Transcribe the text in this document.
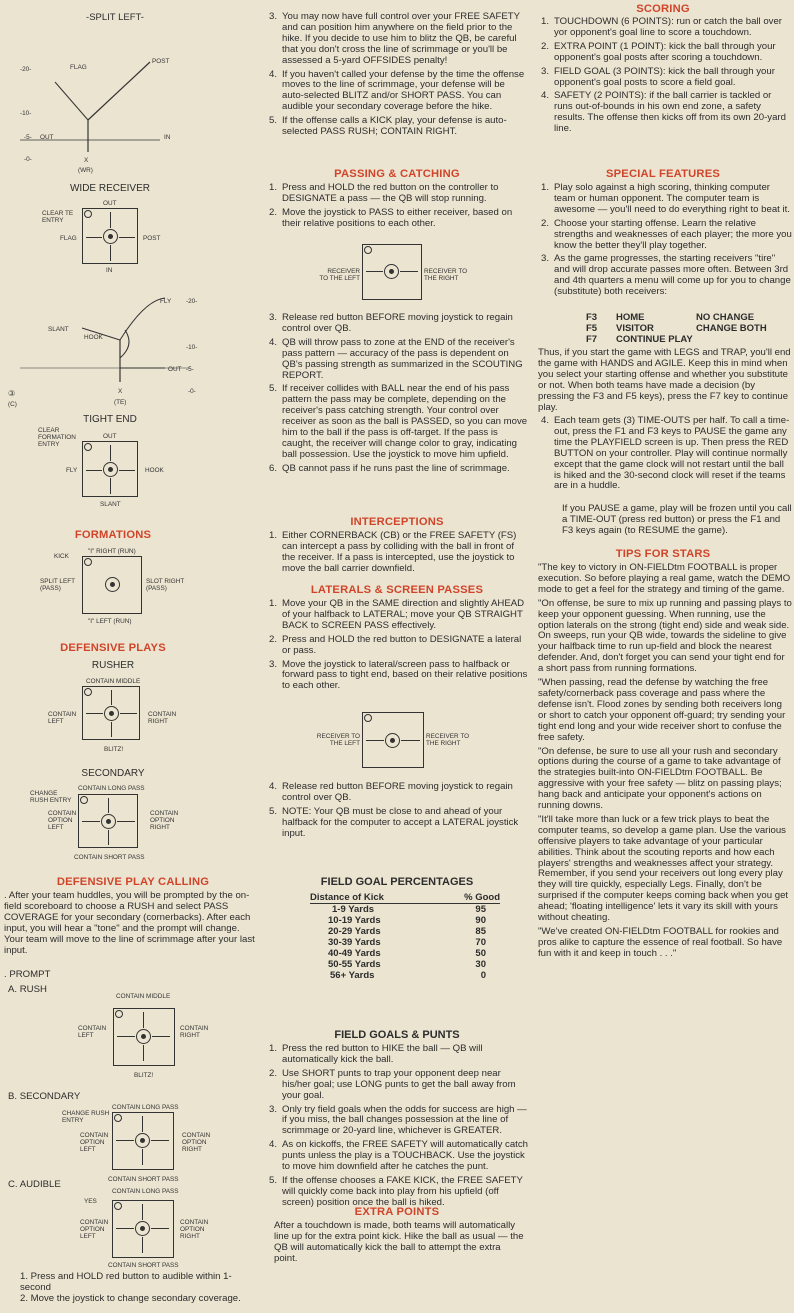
-SPLIT LEFT-
-20-
-10-
-5-
-0-
FLAG
POST
OUT	IN
X
(WR)
WIDE RECEIVER
OUT
CLEAR TE ENTRY
FLAG	POST
IN
FLY
SLANT
HOOK
OUT
X
(TE)
③
(C)
-20-
-10-
-5-
-0-
TIGHT END
CLEAR FORMATION ENTRY
OUT
FLY	HOOK
SLANT
FORMATIONS
KICK
"I" RIGHT (RUN)
SPLIT LEFT (PASS)
SLOT RIGHT (PASS)
"I" LEFT (RUN)
DEFENSIVE PLAYS
RUSHER
CONTAIN MIDDLE
CONTAIN LEFT
CONTAIN RIGHT
BLITZ!
SECONDARY
CHANGE RUSH ENTRY
CONTAIN LONG PASS
CONTAIN OPTION LEFT
CONTAIN OPTION RIGHT
CONTAIN SHORT PASS
DEFENSIVE PLAY CALLING

. After your team huddles, you will be prompted by the on-field scoreboard to choose a RUSH and select PASS COVERAGE for your secondary (cornerbacks). After each input, you will hear a "tone" and the prompt will change. Your team will move to the line of scrimmage after your last input.

. PROMPT

A. RUSH

CONTAIN MIDDLE
CONTAIN LEFT
CONTAIN RIGHT
BLITZ!

B. SECONDARY

CHANGE RUSH ENTRY
CONTAIN LONG PASS
CONTAIN OPTION LEFT
CONTAIN OPTION RIGHT
CONTAIN SHORT PASS

C. AUDIBLE

YES
CONTAIN LONG PASS
CONTAIN OPTION LEFT
CONTAIN OPTION RIGHT
CONTAIN SHORT PASS

1. Press and HOLD red button to audible within 1-second

2. Move the joystick to change secondary coverage.

3. You may now have full control over your FREE SAFETY and can position him anywhere on the field prior to the hike. If you decide to use him to blitz the QB, be careful that you don't cross the line of scrimmage or you'll be assessed a 5-yard OFFSIDES penalty!
4. If you haven't called your defense by the time the offense moves to the line of scrimmage, your defense will be auto-selected BLITZ and/or SHORT PASS. You can audible your secondary coverage before the hike.
5. If the offense calls a KICK play, your defense is auto-selected PASS RUSH; CONTAIN RIGHT.
PASSING & CATCHING
1. Press and HOLD the red button on the controller to DESIGNATE a pass — the QB will stop running.
2. Move the joystick to PASS to either receiver, based on their relative positions to each other.
RECEIVER TO THE LEFT
RECEIVER TO THE RIGHT
3. Release red button BEFORE moving joystick to regain control over QB.
4. QB will throw pass to zone at the END of the receiver's pass pattern — accuracy of the pass is dependent on QB's passing strength as summarized in the SCOUTING REPORT.
5. If receiver collides with BALL near the end of his pass pattern the pass may be complete, depending on the receiver's pass catching strength. Your control over receiver as soon as the ball is PASSED, so you can move him to the ball if the pass is off-target. If the pass is caught, the receiver will change color to gray, indicating ball possession. Use the joystick to move him upfield.
6. QB cannot pass if he runs past the line of scrimmage.
INTERCEPTIONS
1. Either CORNERBACK (CB) or the FREE SAFETY (FS) can intercept a pass by colliding with the ball in front of the receiver. If a pass is intercepted, use the joystick to move the ball carrier downfield.
LATERALS & SCREEN PASSES
1. Move your QB in the SAME direction and slightly AHEAD of your halfback to LATERAL; move your QB STRAIGHT BACK to SCREEN PASS effectively.
2. Press and HOLD the red button to DESIGNATE a lateral or pass.
3. Move the joystick to lateral/screen pass to halfback or forward pass to tight end, based on their relative positions to each other.
RECEIVER TO THE LEFT
RECEIVER TO THE RIGHT
4. Release red button BEFORE moving joystick to regain control over QB.
5. NOTE: Your QB must be close to and ahead of your halfback for the computer to accept a LATERAL joystick input.
FIELD GOAL PERCENTAGES
Distance of Kick	% Good
1-9 Yards	95
10-19 Yards	90
20-29 Yards	85
30-39 Yards	70
40-49 Yards	50
50-55 Yards	30
56+ Yards	0
FIELD GOALS & PUNTS
1. Press the red button to HIKE the ball — QB will automatically kick the ball.
2. Use SHORT punts to trap your opponent deep near his/her goal; use LONG punts to get the ball away from your goal.
3. Only try field goals when the odds for success are high — if you miss, the ball changes possession at the line of scrimmage or 20-yard line, whichever is GREATER.
4. As on kickoffs, the FREE SAFETY will automatically catch punts unless the play is a TOUCHBACK. Use the joystick to move him downfield after he catches the punt.
5. If the offense chooses a FAKE KICK, the FREE SAFETY will quickly come back into play from his upfield (off screen) position once the ball is hiked.
EXTRA POINTS

After a touchdown is made, both teams will automatically line up for the extra point kick. Hike the ball as usual — the QB will automatically kick the ball to attempt the extra point.

SCORING
1. TOUCHDOWN (6 POINTS): run or catch the ball over yor opponent's goal line to score a touchdown.
2. EXTRA POINT (1 POINT): kick the ball through your opponent's goal posts after scoring a touchdown.
3. FIELD GOAL (3 POINTS): kick the ball through your opponent's goal posts to score a field goal.
4. SAFETY (2 POINTS): if the ball carrier is tackled or runs out-of-bounds in his own end zone, a safety results. The offense then kicks off from its own 20-yard line.
SPECIAL FEATURES
1. Play solo against a high scoring, thinking computer team or human opponent. The computer team is awesome — you'll need to do everything right to beat it.
2. Choose your starting offense. Learn the relative strengths and weaknesses of each player; the more you know the better they'll play together.
3. As the game progresses, the starting receivers "tire" and will drop accurate passes more often. Between 3rd and 4th quarters a menu will come up for you to change (substitute) both receivers:
F3	HOME	NO CHANGE
F5	VISITOR	CHANGE BOTH
F7	CONTINUE PLAY	

Thus, if you start the game with LEGS and TRAP, you'll end the game with HANDS and AGILE. Keep this in mind when you select your starting offense and whether you substitute or not. When both teams have made a decision (by pressing the F3 and F5 keys), press the F7 key to continue play.

4. Each team gets (3) TIME-OUTS per half. To call a time-out, press the F1 and F3 keys to PAUSE the game any time the PLAYFIELD screen is up. Then press the RED BUTTON on your controller. Play will continue normally except that the game clock will not restart until the ball is hiked and the 30-second clock will reset if the teams are in a huddle.

If you PAUSE a game, play will be frozen until you call a TIME-OUT (press red button) or press the F1 and F3 keys again (to RESUME the game).

TIPS FOR STARS

"The key to victory in ON-FIELDtm FOOTBALL is proper execution. So before playing a real game, watch the DEMO mode to get a feel for the strategy and timing of the game.

"On offense, be sure to mix up running and passing plays to keep your opponent guessing. When running, use the option laterals on the strong (tight end) side and weak side. On sweeps, run your QB wide, towards the sideline to give your halfback time to run up-field and block the nearest defender. And, don't forget you can send your tight end for a short pass from running formations.

"When passing, read the defense by watching the free safety/cornerback pass coverage and pass where the defense isn't. Flood zones by sending both receivers long or short to catch your opponent off-guard; try sending your tight end long and your wide receiver short to confuse the free safety.

"On defense, be sure to use all your rush and secondary options during the course of a game to take advantage of the strategies built-into ON-FIELDtm FOOTBALL. Be aggressive with your free safety — blitz on passing plays; hang back and anticipate your opponent's actions on running downs.

"It'll take more than luck or a few trick plays to beat the computer teams, so develop a game plan. Use the various offensive players to take advantage of your particular abilities. Think about the scouting reports and how each players' strengths and weaknesses affect your strategy. Remember, if you send your receivers out long every play they will tire quickly, especially Legs. Finally, don't be surprised if the computer keeps coming back when you get ahead; 'floating intelligence' lets it vary its skill with yours without cheating.

"We've created ON-FIELDtm FOOTBALL for rookies and pros alike to capture the essence of real football. So have fun with it and keep in touch . . ."
